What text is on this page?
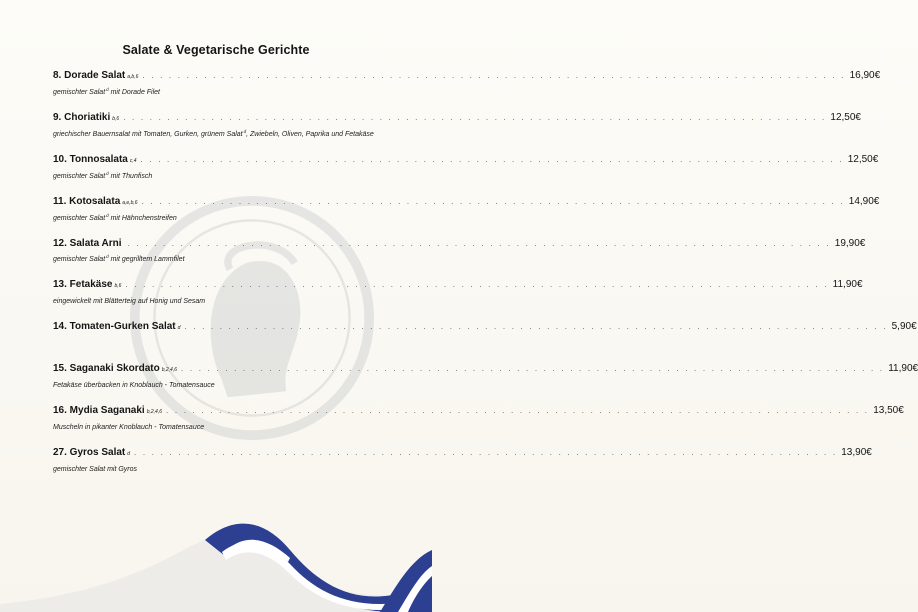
Salate & Vegetarische Gerichte
8. Dorade Salat a,b,6 . . . . . . . . . . . . . . . . . . . . . . . . . . . . . . . . . . . . . . . . . . . . . . . . . . . . . . . . . . . . . . . . . . . . . . . . . . . . . . . . 16,90€
gemischter Salat$^d$ mit Dorade Filet
9. Choriatiki b,6 . . . . . . . . . . . . . . . . . . . . . . . . . . . . . . . . . . . . . . . . . . . . . . . . . . . . . . . . . . . . . . . . . . . . . . . . . . . . . . . . 12,50€
griechischer Bauernsalat mit Tomaten, Gurken, grünem Salat$^d$, Zwiebeln, Oliven, Paprika und Fetakäse
10. Tonnosalata c,4 . . . . . . . . . . . . . . . . . . . . . . . . . . . . . . . . . . . . . . . . . . . . . . . . . . . . . . . . . . . . . . . . . . . . . . . . . . . . . . . . 12,50€
gemischter Salat$^d$ mit Thunfisch
11. Kotosalata a,e,b,6 . . . . . . . . . . . . . . . . . . . . . . . . . . . . . . . . . . . . . . . . . . . . . . . . . . . . . . . . . . . . . . . . . . . . . . . . . . . . . . . . 14,90€
gemischter Salat$^d$ mit Hähnchenstreifen
12. Salata Arni . . . . . . . . . . . . . . . . . . . . . . . . . . . . . . . . . . . . . . . . . . . . . . . . . . . . . . . . . . . . . . . . . . . . . . . . . . . . . . . . 19,90€
gemischter Salat$^d$ mit gegrilltem Lammfilet
13. Fetakäse b,6 . . . . . . . . . . . . . . . . . . . . . . . . . . . . . . . . . . . . . . . . . . . . . . . . . . . . . . . . . . . . . . . . . . . . . . . . . . . . . . . . 11,90€
eingewickelt mit Blätterteig auf Honig und Sesam
14. Tomaten-Gurken Salat d . . . . . . . . . . . . . . . . . . . . . . . . . . . . . . . . . . . . . . . . . . . . . . . . . . . . . . . . . . . . . . . . . . . . . . . . . . . . . . . . 5,90€
15. Saganaki Skordato b,2,4,6 . . . . . . . . . . . . . . . . . . . . . . . . . . . . . . . . . . . . . . . . . . . . . . . . . . . . . . . . . . . . . . . . . . . . . . . . . . . . . . . . 11,90€
Fetakäse überbacken in Knoblauch - Tomatensauce
16. Mydia Saganaki b,2,4,6 . . . . . . . . . . . . . . . . . . . . . . . . . . . . . . . . . . . . . . . . . . . . . . . . . . . . . . . . . . . . . . . . . . . . . . . . . . . . . . . . 13,50€
Muscheln in pikanter Knoblauch - Tomatensauce
27. Gyros Salat d . . . . . . . . . . . . . . . . . . . . . . . . . . . . . . . . . . . . . . . . . . . . . . . . . . . . . . . . . . . . . . . . . . . . . . . . . . . . . . . . 13,90€
gemischter Salat mit Gyros
